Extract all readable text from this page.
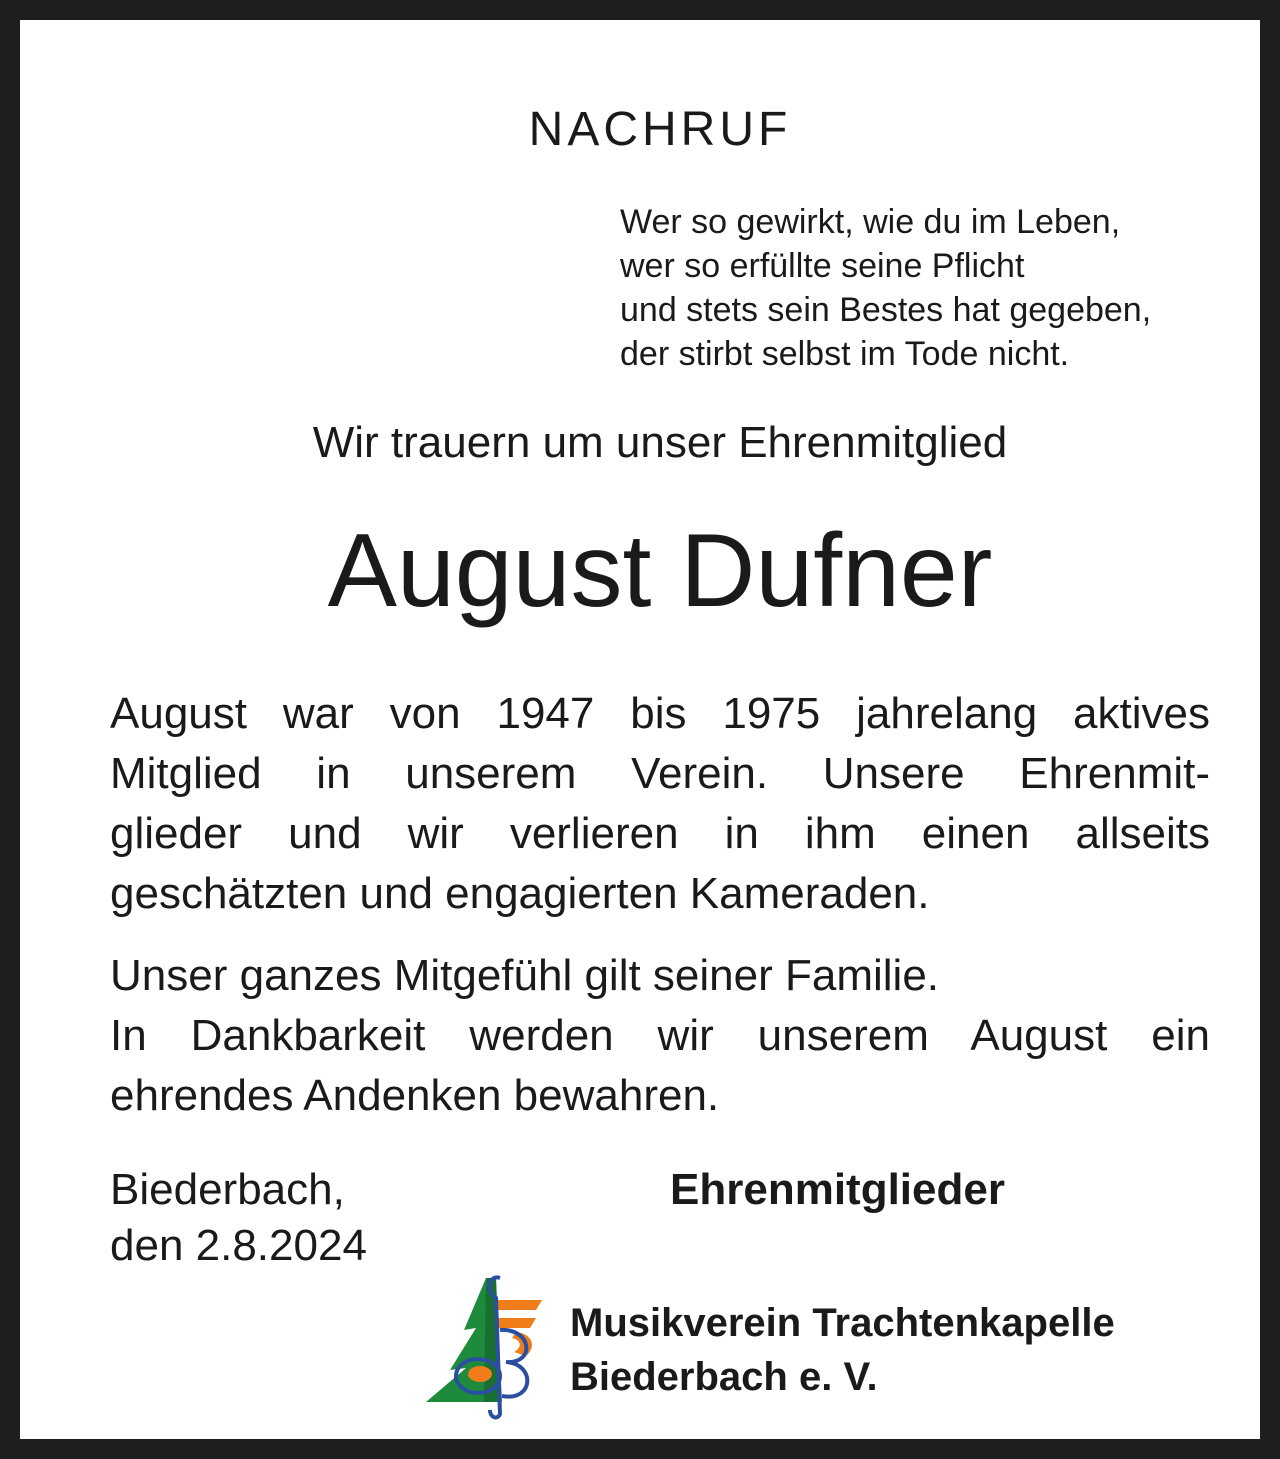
NACHRUF
Wer so gewirkt, wie du im Leben,
wer so erfüllte seine Pflicht
und stets sein Bestes hat gegeben,
der stirbt selbst im Tode nicht.
Wir trauern um unser Ehrenmitglied
August Dufner
August war von 1947 bis 1975 jahrelang aktives
Mitglied in unserem Verein. Unsere Ehrenmit-
glieder und wir verlieren in ihm einen allseits
geschätzten und engagierten Kameraden.
Unser ganzes Mitgefühl gilt seiner Familie.
In Dankbarkeit werden wir unserem August ein
ehrendes Andenken bewahren.
Biederbach,
den 2.8.2024
Ehrenmitglieder
Musikverein Trachtenkapelle
Biederbach e. V.
